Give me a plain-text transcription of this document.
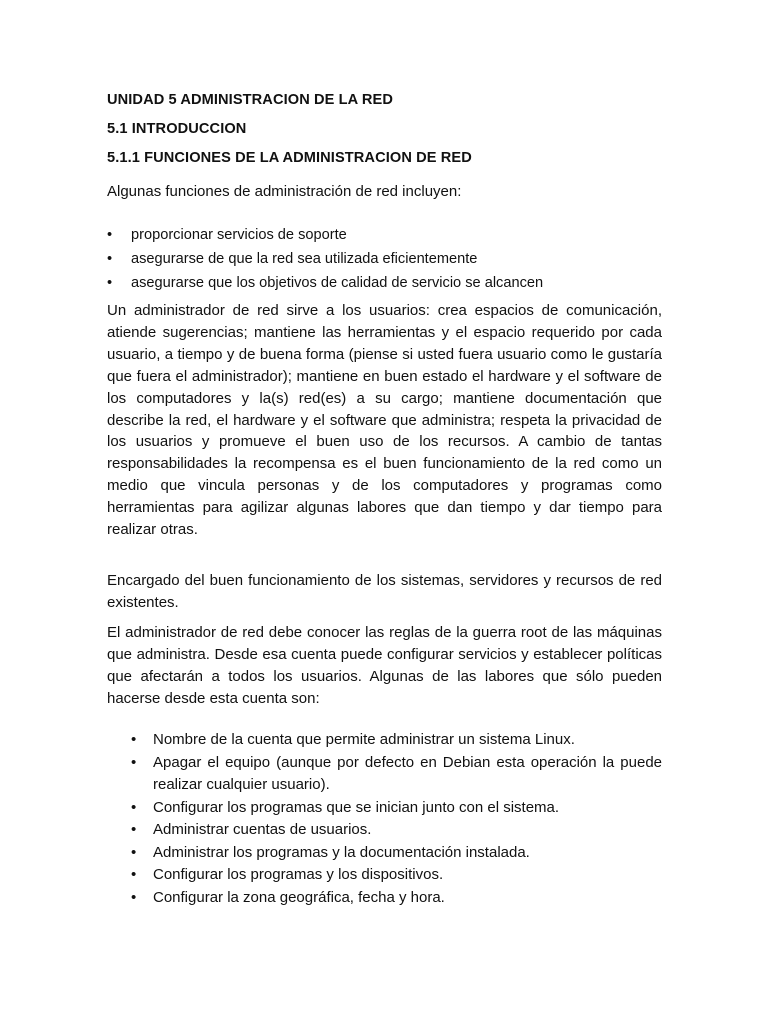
UNIDAD 5 ADMINISTRACION DE LA RED
5.1 INTRODUCCION
5.1.1 FUNCIONES DE LA ADMINISTRACION DE RED
Algunas funciones de administración de red incluyen:
• proporcionar servicios de soporte
• asegurarse de que la red sea utilizada eficientemente
• asegurarse que los objetivos de calidad de servicio se alcancen

Un administrador de red sirve a los usuarios: crea espacios de comunicación, atiende sugerencias; mantiene las herramientas y el espacio requerido por cada usuario, a tiempo y de buena forma (piense si usted fuera usuario como le gustaría que fuera el administrador); mantiene en buen estado el hardware y el software de los computadores y la(s) red(es) a su cargo; mantiene documentación que describe la red, el hardware y el software que administra; respeta la privacidad de los usuarios y promueve el buen uso de los recursos. A cambio de tantas responsabilidades la recompensa es el buen funcionamiento de la red como un medio que vincula personas y de los computadores y programas como herramientas para agilizar algunas labores que dan tiempo y dar tiempo para realizar otras.

Encargado del buen funcionamiento de los sistemas, servidores y recursos de red existentes.

El administrador de red debe conocer las reglas de la guerra root de las máquinas que administra. Desde esa cuenta puede configurar servicios y establecer políticas que afectarán a todos los usuarios. Algunas de las labores que sólo pueden hacerse desde esta cuenta son:

• Nombre de la cuenta que permite administrar un sistema Linux.
• Apagar el equipo (aunque por defecto en Debian esta operación la puede realizar cualquier usuario).
• Configurar los programas que se inician junto con el sistema.
• Administrar cuentas de usuarios.
• Administrar los programas y la documentación instalada.
• Configurar los programas y los dispositivos.
• Configurar la zona geográfica, fecha y hora.
